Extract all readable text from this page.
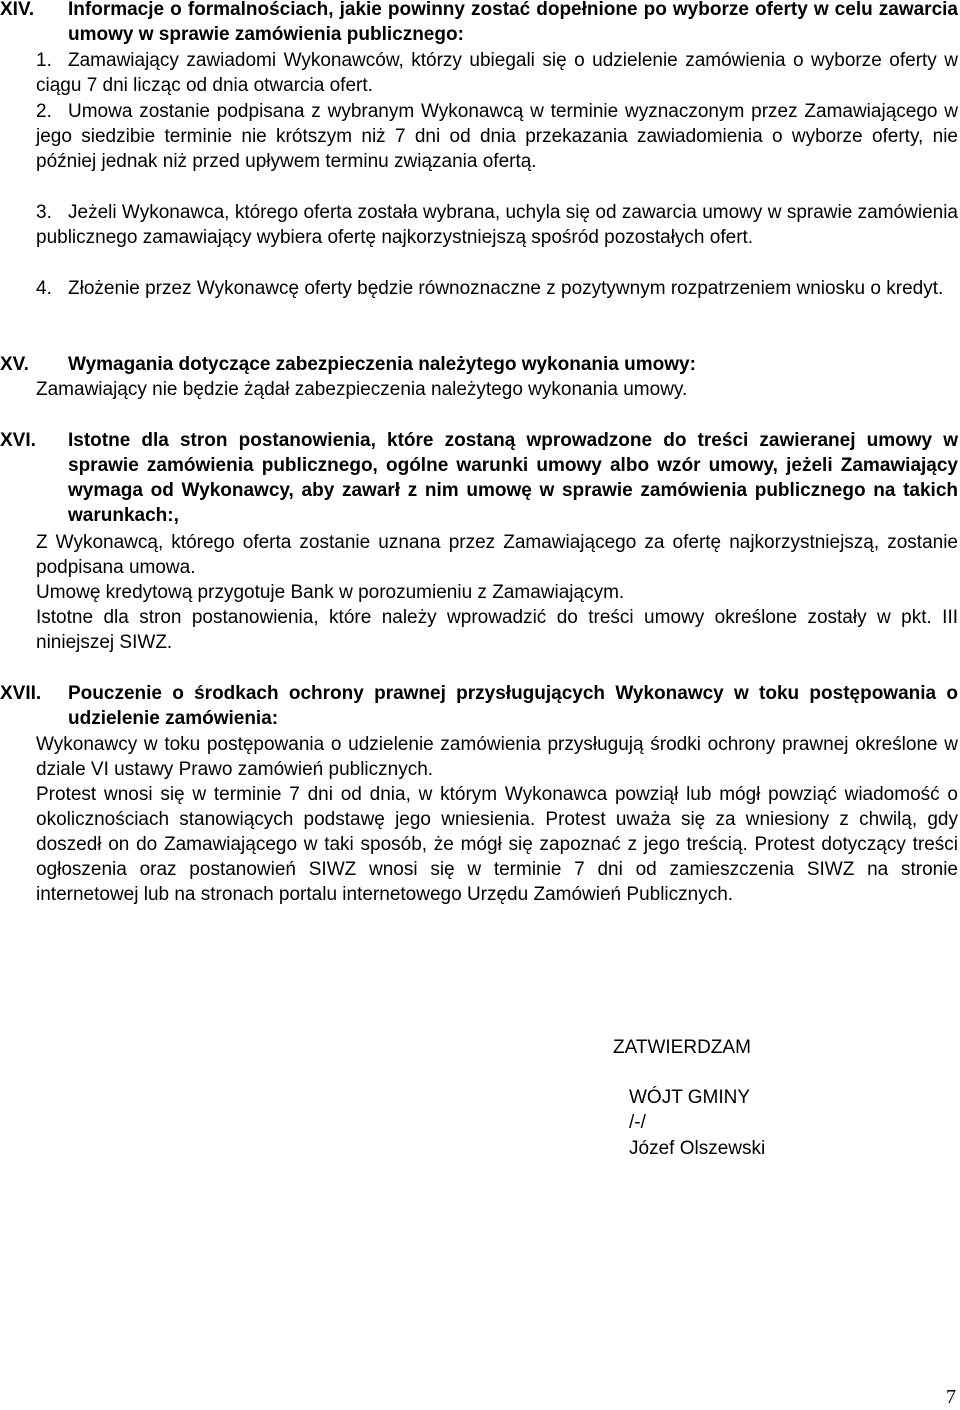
XIV. Informacje o formalnościach, jakie powinny zostać dopełnione po wyborze oferty w celu zawarcia umowy w sprawie zamówienia publicznego:
1. Zamawiający zawiadomi Wykonawców, którzy ubiegali się o udzielenie zamówienia o wyborze oferty w ciągu 7 dni licząc od dnia otwarcia ofert.
2. Umowa zostanie podpisana z wybranym Wykonawcą w terminie wyznaczonym przez Zamawiającego w jego siedzibie terminie nie krótszym niż 7 dni od dnia przekazania zawiadomienia o wyborze oferty, nie później jednak niż przed upływem terminu związania ofertą.
3. Jeżeli Wykonawca, którego oferta została wybrana, uchyla się od zawarcia umowy w sprawie zamówienia publicznego zamawiający wybiera ofertę najkorzystniejszą spośród pozostałych ofert.
4. Złożenie przez Wykonawcę oferty będzie równoznaczne z pozytywnym rozpatrzeniem wniosku o kredyt.
XV. Wymagania dotyczące zabezpieczenia należytego wykonania umowy:
Zamawiający nie będzie żądał zabezpieczenia należytego wykonania umowy.
XVI. Istotne dla stron postanowienia, które zostaną wprowadzone do treści zawieranej umowy w sprawie zamówienia publicznego, ogólne warunki umowy albo wzór umowy, jeżeli Zamawiający wymaga od Wykonawcy, aby zawarł z nim umowę w sprawie zamówienia publicznego na takich warunkach:,
Z Wykonawcą, którego oferta zostanie uznana przez Zamawiającego za ofertę najkorzystniejszą, zostanie podpisana umowa.
Umowę kredytową przygotuje Bank w porozumieniu z Zamawiającym.
Istotne dla stron postanowienia, które należy wprowadzić do treści umowy określone zostały w pkt. III niniejszej SIWZ.
XVII. Pouczenie o środkach ochrony prawnej przysługujących Wykonawcy w toku postępowania o udzielenie zamówienia:
Wykonawcy w toku postępowania o udzielenie zamówienia przysługują środki ochrony prawnej określone w dziale VI ustawy Prawo zamówień publicznych.
Protest wnosi się w terminie 7 dni od dnia, w którym Wykonawca powziął lub mógł powziąć wiadomość o okolicznościach stanowiących podstawę jego wniesienia. Protest uważa się za wniesiony z chwilą, gdy doszedł on do Zamawiającego w taki sposób, że mógł się zapoznać z jego treścią. Protest dotyczący treści ogłoszenia oraz postanowień SIWZ wnosi się w terminie 7 dni od zamieszczenia SIWZ na stronie internetowej lub na stronach portalu internetowego Urzędu Zamówień Publicznych.
ZATWIERDZAM
WÓJT GMINY
/-/
Józef Olszewski
7
